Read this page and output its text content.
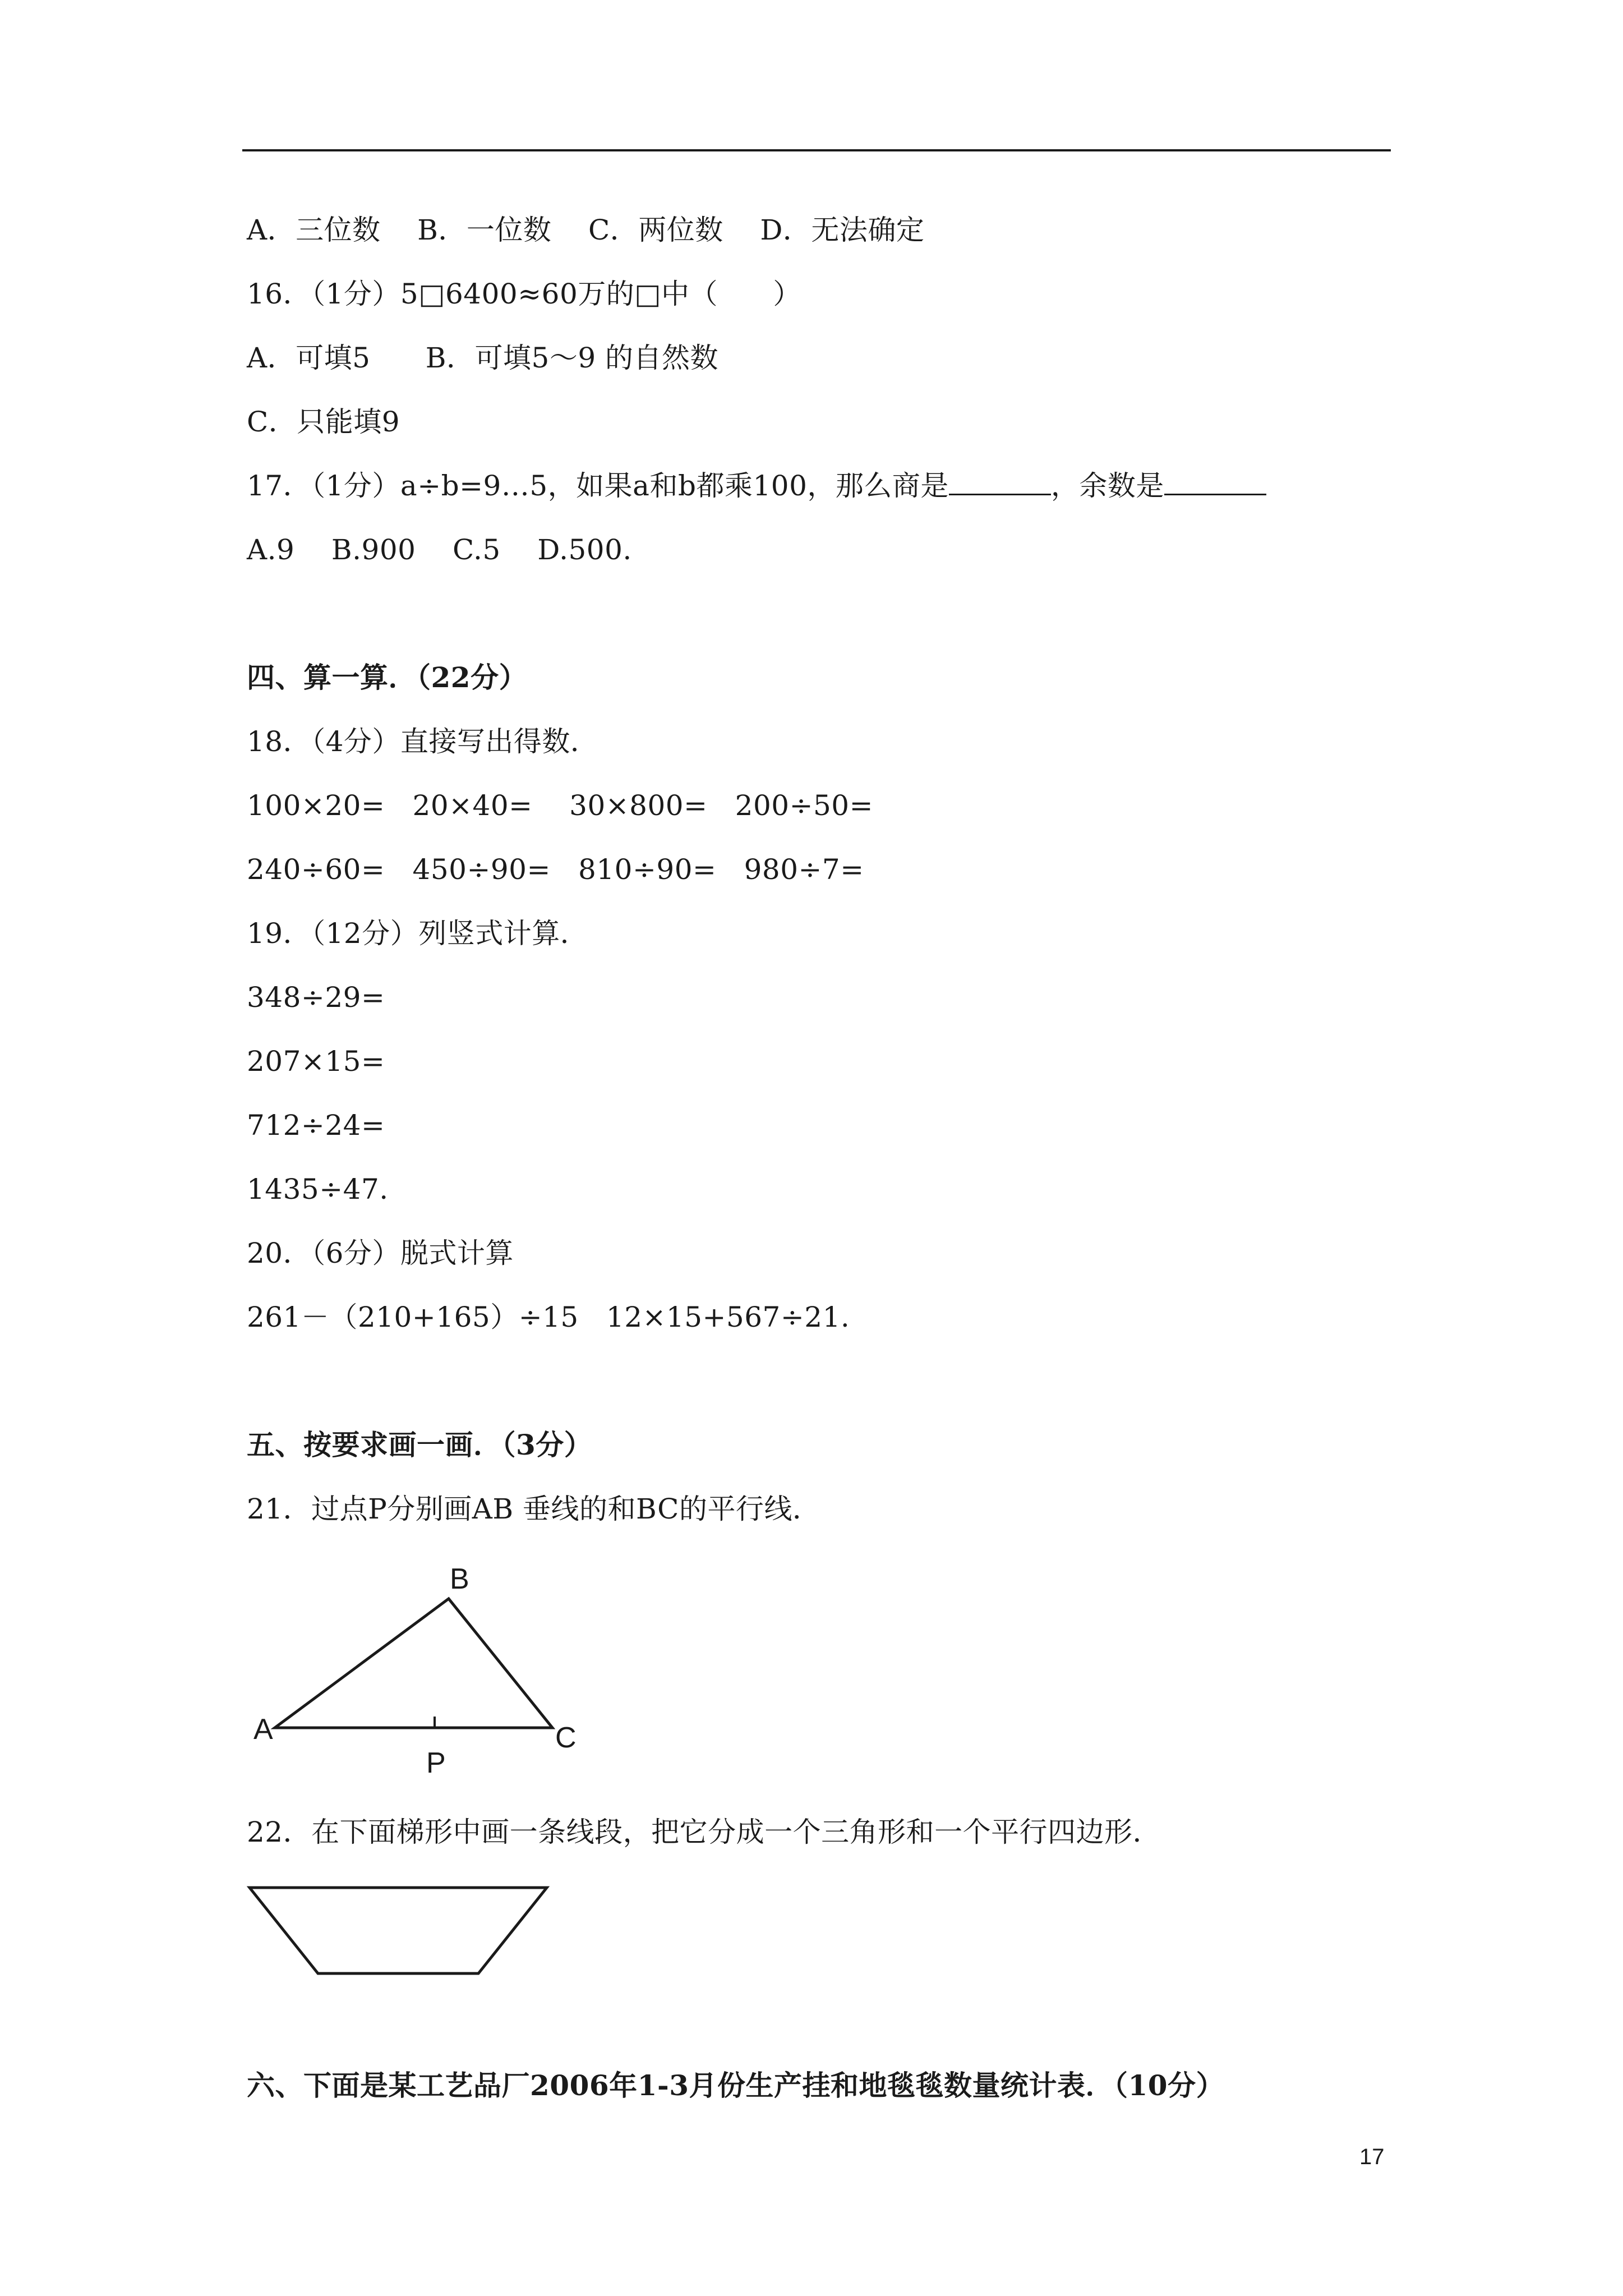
A．三位数    B．一位数    C．两位数    D．无法确定
16．（1分）5□6400≈60万的□中（      ）
A．可填5      B．可填5～9 的自然数
C．只能填9
17．（1分）a÷b=9…5，如果a和b都乘100，那么商是	，余数是
A.9    B.900    C.5    D.500.
四、算一算．（22分）
18．（4分）直接写出得数．
100×20=   20×40=    30×800=   200÷50=
240÷60=   450÷90=   810÷90=   980÷7=
19．（12分）列竖式计算．
348÷29=
207×15=
712÷24=
1435÷47.
20．（6分）脱式计算
261－（210+165）÷15   12×15+567÷21.
五、按要求画一画．（3分）
21．过点P分别画AB 垂线的和BC的平行线．
A
B
C
P
22．在下面梯形中画一条线段，把它分成一个三角形和一个平行四边形．
六、下面是某工艺品厂2006年1-3月份生产挂和地毯毯数量统计表．（10分）
17
